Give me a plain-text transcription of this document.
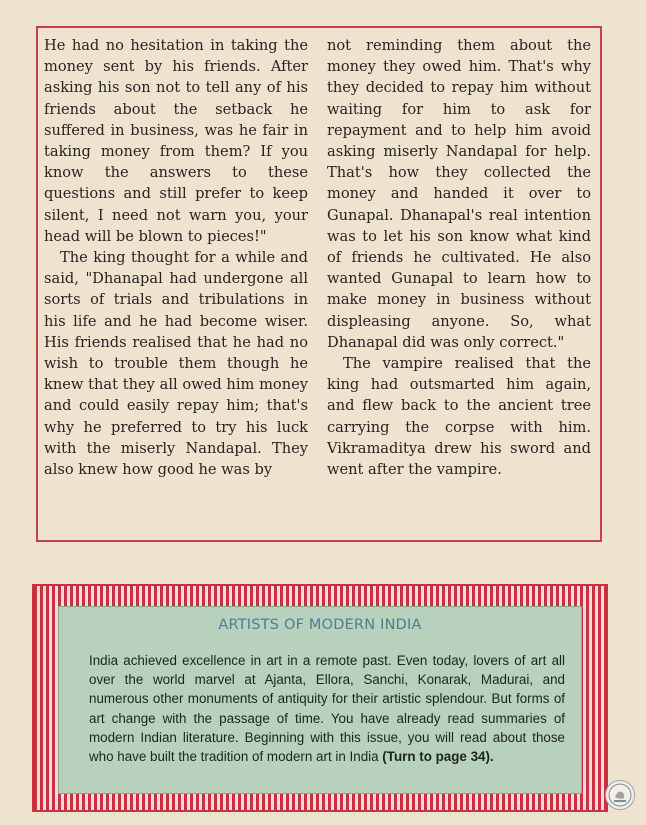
He had no hesitation in taking the money sent by his friends. After asking his son not to tell any of his friends about the setback he suffered in business, was he fair in taking money from them? If you know the answers to these questions and still prefer to keep silent, I need not warn you, your head will be blown to pieces!"

The king thought for a while and said, "Dhanapal had undergone all sorts of trials and tribulations in his life and he had become wiser. His friends realised that he had no wish to trouble them though he knew that they all owed him money and could easily repay him; that's why he preferred to try his luck with the miserly Nandapal. They also knew how good he was by

not reminding them about the money they owed him. That's why they decided to repay him without waiting for him to ask for repayment and to help him avoid asking miserly Nandapal for help. That's how they collected the money and handed it over to Gunapal. Dhanapal's real intention was to let his son know what kind of friends he cultivated. He also wanted Gunapal to learn how to make money in business without displeasing anyone. So, what Dhanapal did was only correct."

The vampire realised that the king had outsmarted him again, and flew back to the ancient tree carrying the corpse with him. Vikramaditya drew his sword and went after the vampire.

ARTISTS OF MODERN INDIA
India achieved excellence in art in a remote past. Even today, lovers of art all over the world marvel at Ajanta, Ellora, Sanchi, Konarak, Madurai, and numerous other monuments of antiquity for their artistic splendour. But forms of art change with the passage of time. You have already read summaries of modern Indian literature. Beginning with this issue, you will read about those who have built the tradition of modern art in India (Turn to page 34).
